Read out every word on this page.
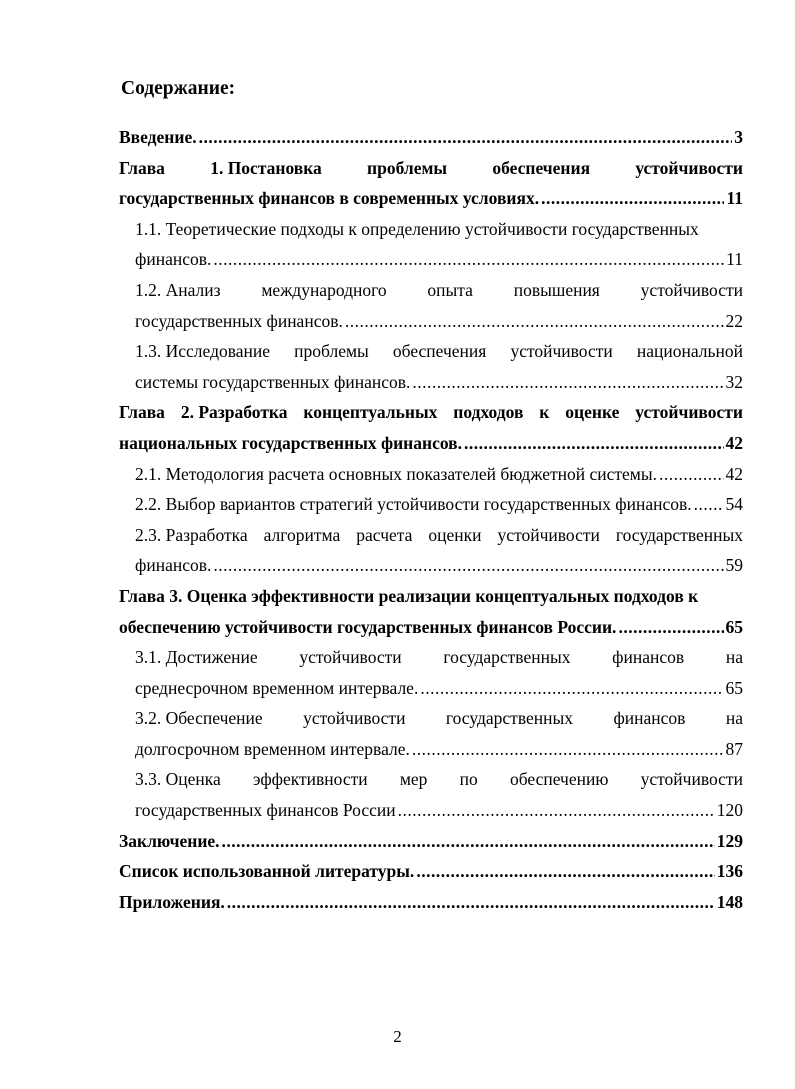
Содержание:
Введение. .....	3
Глава	1. Постановка	проблемы	обеспечения	устойчивости
государственных финансов в современных условиях. .....	11
1.1. Теоретические подходы к определению устойчивости государственных
финансов. .....	11
1.2. Анализ международного опыта повышения устойчивости
государственных финансов. .....	22
1.3. Исследование проблемы обеспечения устойчивости национальной
системы государственных финансов. .....	32
Глава 2. Разработка концептуальных подходов к оценке устойчивости
национальных государственных финансов. .....	42
2.1. Методология расчета основных показателей бюджетной системы. .....	42
2.2. Выбор вариантов стратегий устойчивости государственных финансов. ..... 54
2.3. Разработка алгоритма расчета оценки устойчивости государственных
финансов. .....	59
Глава 3. Оценка эффективности реализации концептуальных подходов к
обеспечению устойчивости государственных финансов России. .....	65
3.1. Достижение устойчивости государственных финансов на
среднесрочном временном интервале. .....	65
3.2. Обеспечение устойчивости государственных финансов на
долгосрочном временном интервале. .....	87
3.3. Оценка эффективности мер по обеспечению устойчивости
государственных финансов России .....	120
Заключение. .....	129
Список использованной литературы. .....	136
Приложения. .....	148
2
